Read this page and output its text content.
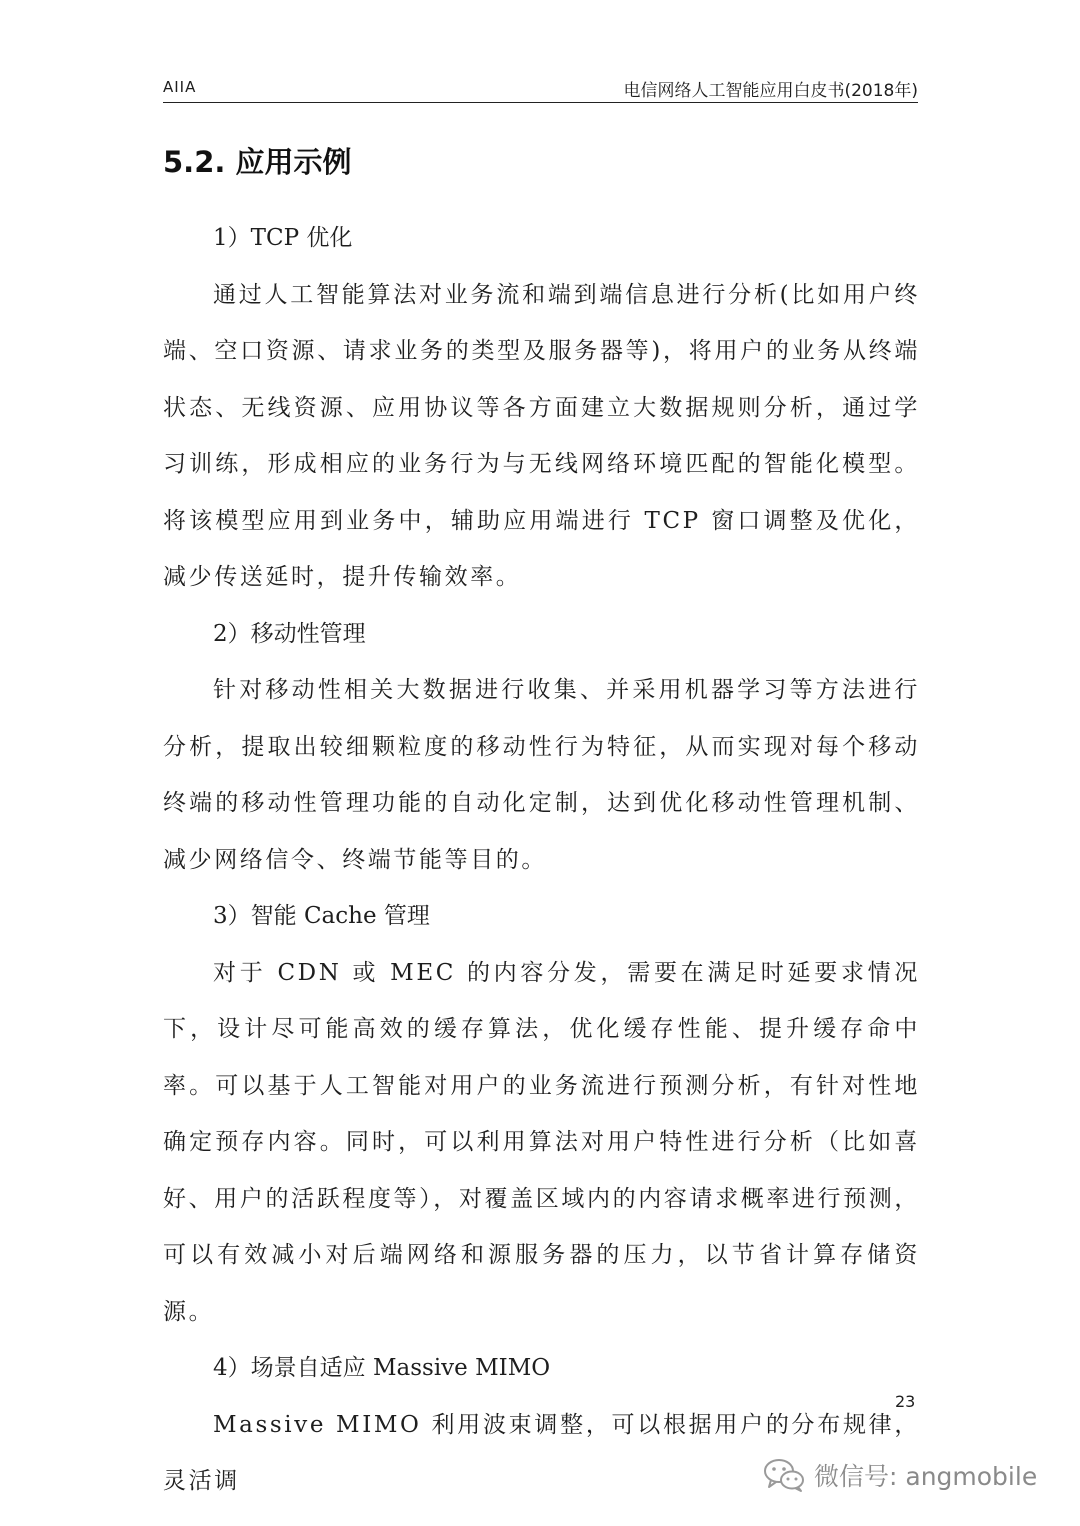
AIIA	电信网络人工智能应用白皮书(2018年)
5.2. 应用示例

1）TCP 优化

通过人工智能算法对业务流和端到端信息进行分析(比如用户终端、空口资源、请求业务的类型及服务器等)，将用户的业务从终端状态、无线资源、应用协议等各方面建立大数据规则分析，通过学习训练，形成相应的业务行为与无线网络环境匹配的智能化模型。将该模型应用到业务中，辅助应用端进行 TCP 窗口调整及优化，减少传送延时，提升传输效率。

2）移动性管理

针对移动性相关大数据进行收集、并采用机器学习等方法进行分析，提取出较细颗粒度的移动性行为特征，从而实现对每个移动终端的移动性管理功能的自动化定制，达到优化移动性管理机制、减少网络信令、终端节能等目的。

3）智能 Cache 管理

对于 CDN 或 MEC 的内容分发，需要在满足时延要求情况下，设计尽可能高效的缓存算法，优化缓存性能、提升缓存命中率。可以基于人工智能对用户的业务流进行预测分析，有针对性地确定预存内容。同时，可以利用算法对用户特性进行分析（比如喜好、用户的活跃程度等），对覆盖区域内的内容请求概率进行预测，可以有效减小对后端网络和源服务器的压力，以节省计算存储资源。

4）场景自适应 Massive MIMO

Massive MIMO 利用波束调整，可以根据用户的分布规律，灵活调

23
微信号: angmobile
